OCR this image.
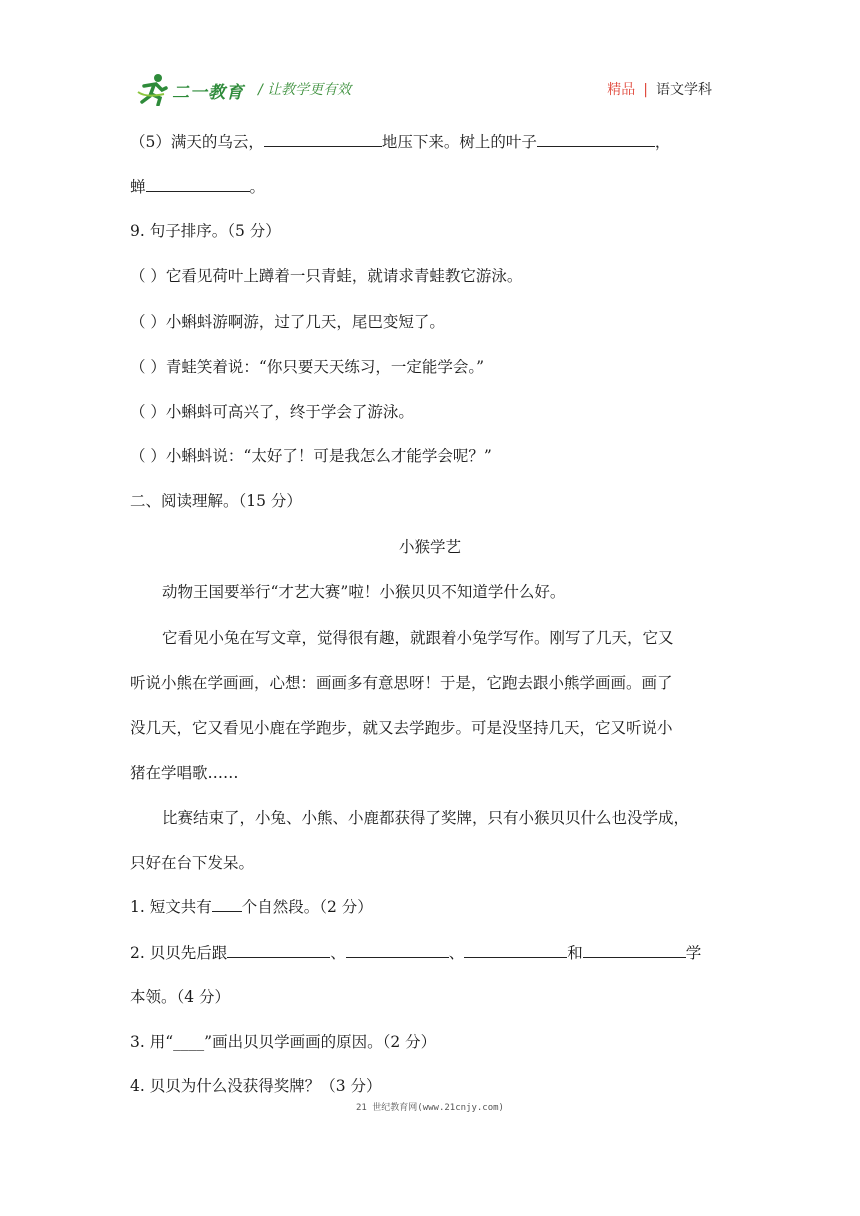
二一教育 / 让教学更有效	精品 | 语文学科
（5）满天的乌云，	地压下来。树上的叶子	，
蝉	。
9. 句子排序。（5 分）
（ ）它看见荷叶上蹲着一只青蛙，就请求青蛙教它游泳。
（ ）小蝌蚪游啊游，过了几天，尾巴变短了。
（ ）青蛙笑着说：“你只要天天练习，一定能学会。”
（ ）小蝌蚪可高兴了，终于学会了游泳。
（ ）小蝌蚪说：“太好了！可是我怎么才能学会呢？”
二、阅读理解。（15 分）
小猴学艺
动物王国要举行“才艺大赛”啦！小猴贝贝不知道学什么好。
它看见小兔在写文章，觉得很有趣，就跟着小兔学写作。刚写了几天，它又
听说小熊在学画画，心想：画画多有意思呀！于是，它跑去跟小熊学画画。画了
没几天，它又看见小鹿在学跑步，就又去学跑步。可是没坚持几天，它又听说小
猪在学唱歌……
比赛结束了，小兔、小熊、小鹿都获得了奖牌，只有小猴贝贝什么也没学成，
只好在台下发呆。
1. 短文共有 个自然段。（2 分）
2. 贝贝先后跟	、	、	和	学
本领。（4 分）
3. 用“____”画出贝贝学画画的原因。（2 分）
4. 贝贝为什么没获得奖牌？（3 分）
21 世纪教育网(www.21cnjy.com)
